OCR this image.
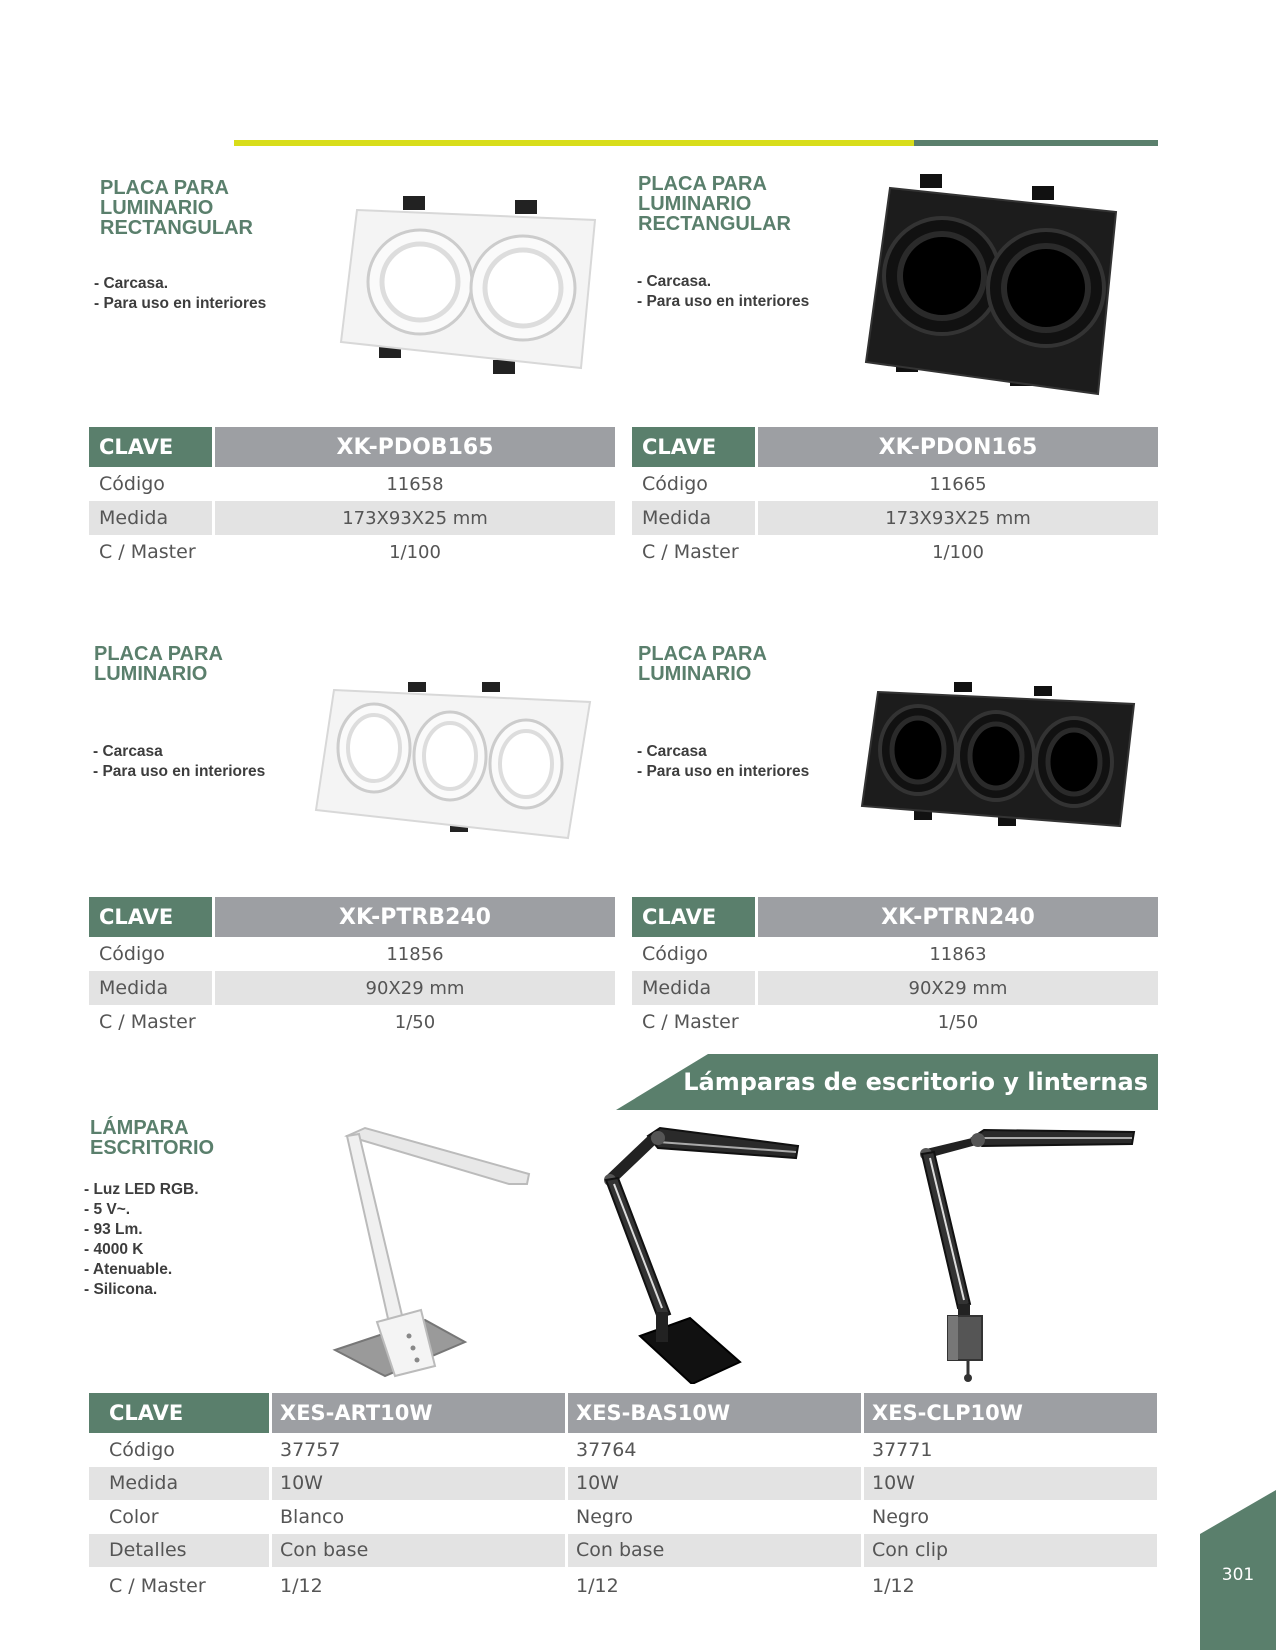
PLACA PARA
LUMINARIO
RECTANGULAR
- Carcasa.
- Para uso en interiores
CLAVE	XK-PDOB165
Código	11658
Medida	173X93X25 mm
C / Master	1/100
PLACA PARA
LUMINARIO
RECTANGULAR
- Carcasa.
- Para uso en interiores
CLAVE	XK-PDON165
Código	11665
Medida	173X93X25 mm
C / Master	1/100
PLACA PARA
LUMINARIO
- Carcasa
- Para uso en interiores
CLAVE	XK-PTRB240
Código	11856
Medida	90X29 mm
C / Master	1/50
PLACA PARA
LUMINARIO
- Carcasa
- Para uso en interiores
CLAVE	XK-PTRN240
Código	11863
Medida	90X29 mm
C / Master	1/50
Lámparas de escritorio y linternas
LÁMPARA
ESCRITORIO
- Luz LED RGB.
- 5 V~.
- 93 Lm.
- 4000 K
- Atenuable.
- Silicona.
CLAVE	XES-ART10W	XES-BAS10W	XES-CLP10W
Código	37757	37764	37771
Medida	10W	10W	10W
Color	Blanco	Negro	Negro
Detalles	Con base	Con base	Con clip
C / Master	1/12	1/12	1/12	301
